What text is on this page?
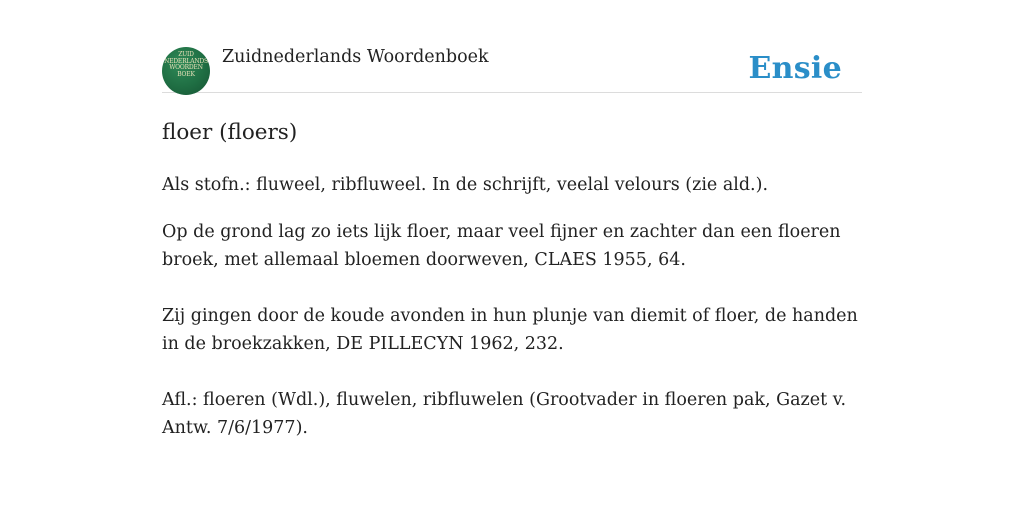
ZUID
NEDERLANDS
WOORDEN
BOEK
Zuidnederlands Woordenboek	Ensie
floer (floers)

Als stofn.: fluweel, ribfluweel. In de schrijft, veelal velours (zie ald.).

Op de grond lag zo iets lijk floer, maar veel fijner en zachter dan een floeren broek, met allemaal bloemen doorweven, CLAES 1955, 64.

Zij gingen door de koude avonden in hun plunje van diemit of floer, de handen in de broekzakken, DE PILLECYN 1962, 232.

Afl.: floeren (Wdl.), fluwelen, ribfluwelen (Grootvader in floeren pak, Gazet v. Antw. 7/6/1977).
